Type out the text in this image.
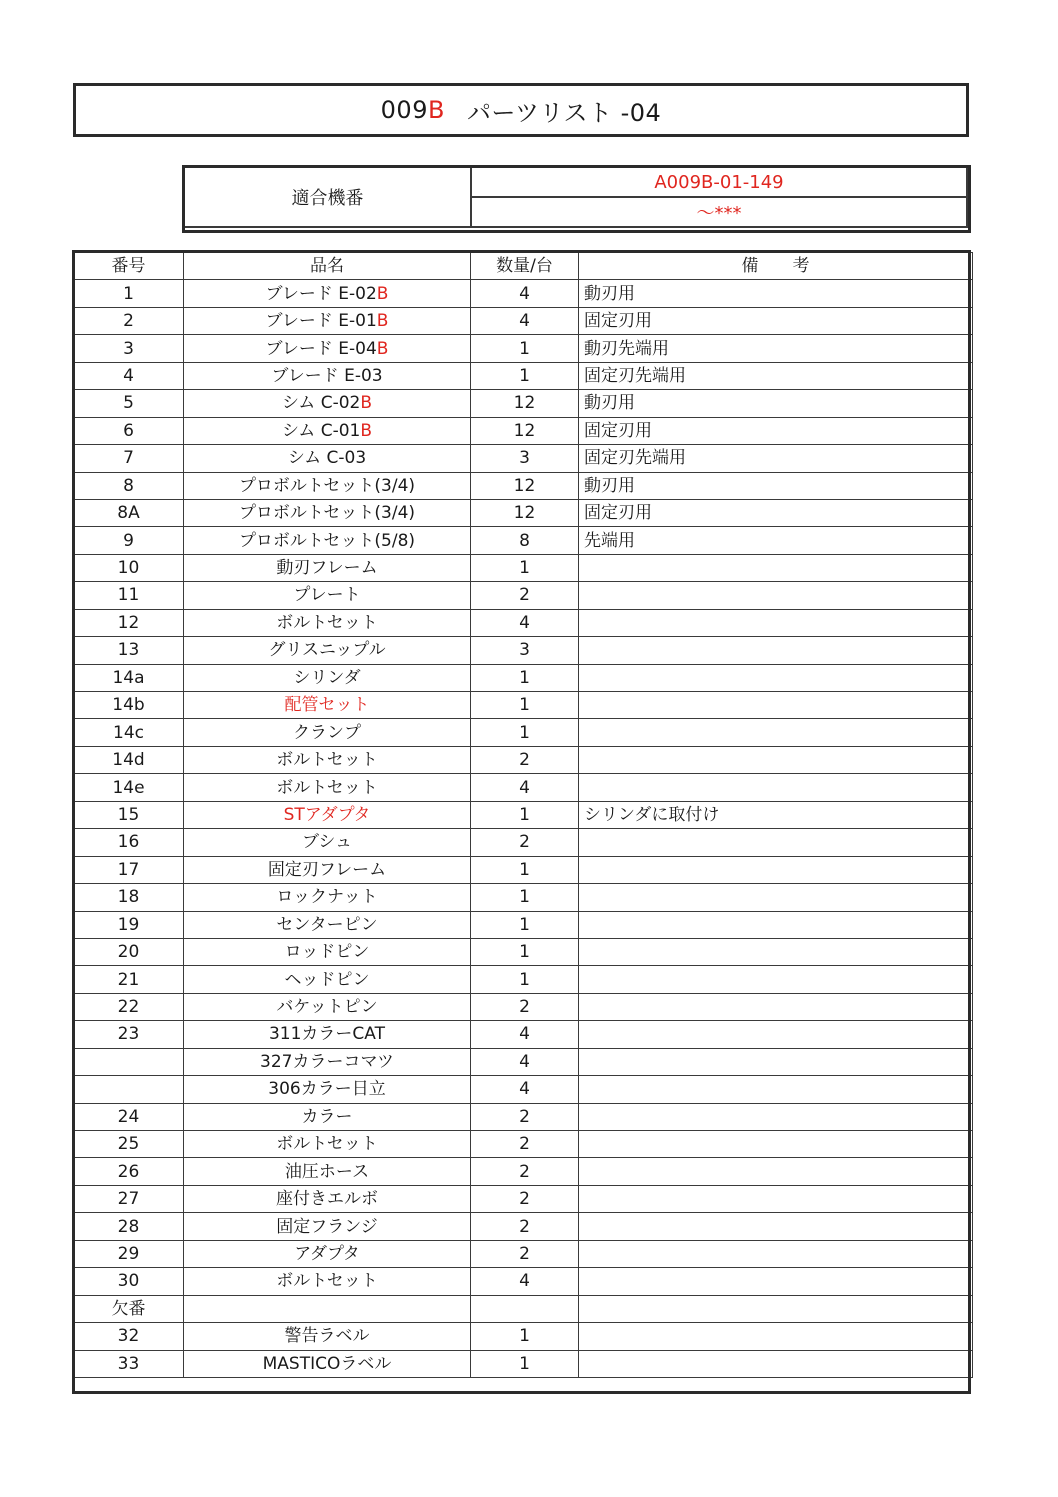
009 B パーツリスト -04
適合機番	A009B-01-149
～***
番号	品名	数量/台	備　　考
1	ブレード E-02B	4	動刃用
2	ブレード E-01B	4	固定刃用
3	ブレード E-04B	1	動刃先端用
4	ブレード E-03	1	固定刃先端用
5	シム C-02B	12	動刃用
6	シム C-01B	12	固定刃用
7	シム C-03	3	固定刃先端用
8	プロボルトセット(3/4)	12	動刃用
8A	プロボルトセット(3/4)	12	固定刃用
9	プロボルトセット(5/8)	8	先端用
10	動刃フレーム	1	
11	プレート	2	
12	ボルトセット	4	
13	グリスニップル	3	
14a	シリンダ	1	
14b	配管セット	1	
14c	クランプ	1	
14d	ボルトセット	2	
14e	ボルトセット	4	
15	STアダプタ	1	シリンダに取付け
16	ブシュ	2	
17	固定刃フレーム	1	
18	ロックナット	1	
19	センターピン	1	
20	ロッドピン	1	
21	ヘッドピン	1	
22	バケットピン	2	
23	311カラーCAT	4	
	327カラーコマツ	4	
	306カラー日立	4	
24	カラー	2	
25	ボルトセット	2	
26	油圧ホース	2	
27	座付きエルボ	2	
28	固定フランジ	2	
29	アダプタ	2	
30	ボルトセット	4	
欠番			
32	警告ラベル	1	
33	MASTICOラベル	1	
